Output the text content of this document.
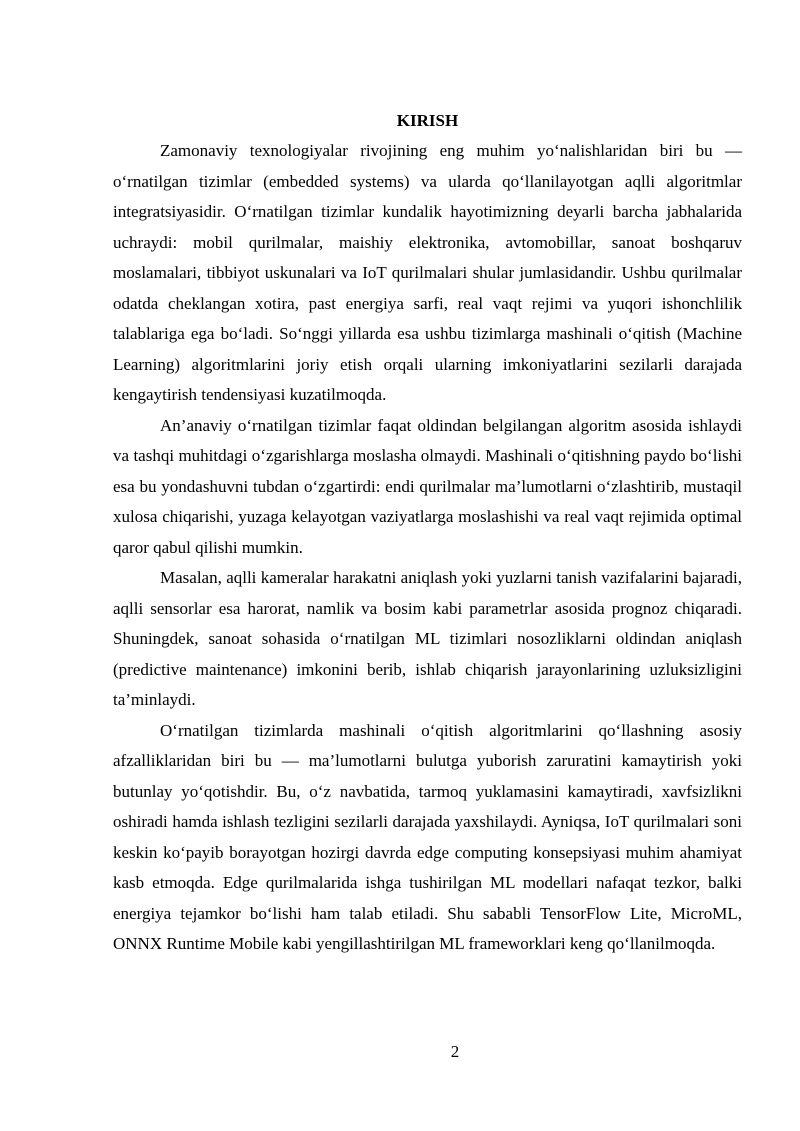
KIRISH

Zamonaviy texnologiyalar rivojining eng muhim yo‘nalishlaridan biri bu — o‘rnatilgan tizimlar (embedded systems) va ularda qo‘llanilayotgan aqlli algoritmlar integratsiyasidir. O‘rnatilgan tizimlar kundalik hayotimizning deyarli barcha jabhalarida uchraydi: mobil qurilmalar, maishiy elektronika, avtomobillar, sanoat boshqaruv moslamalari, tibbiyot uskunalari va IoT qurilmalari shular jumlasidandir. Ushbu qurilmalar odatda cheklangan xotira, past energiya sarfi, real vaqt rejimi va yuqori ishonchlilik talablariga ega bo‘ladi. So‘nggi yillarda esa ushbu tizimlarga mashinali o‘qitish (Machine Learning) algoritmlarini joriy etish orqali ularning imkoniyatlarini sezilarli darajada kengaytirish tendensiyasi kuzatilmoqda.

An’anaviy o‘rnatilgan tizimlar faqat oldindan belgilangan algoritm asosida ishlaydi va tashqi muhitdagi o‘zgarishlarga moslasha olmaydi. Mashinali o‘qitishning paydo bo‘lishi esa bu yondashuvni tubdan o‘zgartirdi: endi qurilmalar ma’lumotlarni o‘zlashtirib, mustaqil xulosa chiqarishi, yuzaga kelayotgan vaziyatlarga moslashishi va real vaqt rejimida optimal qaror qabul qilishi mumkin.

Masalan, aqlli kameralar harakatni aniqlash yoki yuzlarni tanish vazifalarini bajaradi, aqlli sensorlar esa harorat, namlik va bosim kabi parametrlar asosida prognoz chiqaradi. Shuningdek, sanoat sohasida o‘rnatilgan ML tizimlari nosozliklarni oldindan aniqlash (predictive maintenance) imkonini berib, ishlab chiqarish jarayonlarining uzluksizligini ta’minlaydi.

O‘rnatilgan tizimlarda mashinali o‘qitish algoritmlarini qo‘llashning asosiy afzalliklaridan biri bu — ma’lumotlarni bulutga yuborish zaruratini kamaytirish yoki butunlay yo‘qotishdir. Bu, o‘z navbatida, tarmoq yuklamasini kamaytiradi, xavfsizlikni oshiradi hamda ishlash tezligini sezilarli darajada yaxshilaydi. Ayniqsa, IoT qurilmalari soni keskin ko‘payib borayotgan hozirgi davrda edge computing konsepsiyasi muhim ahamiyat kasb etmoqda. Edge qurilmalarida ishga tushirilgan ML modellari nafaqat tezkor, balki energiya tejamkor bo‘lishi ham talab etiladi. Shu sababli TensorFlow Lite, MicroML, ONNX Runtime Mobile kabi yengillashtirilgan ML frameworklari keng qo‘llanilmoqda.

2
